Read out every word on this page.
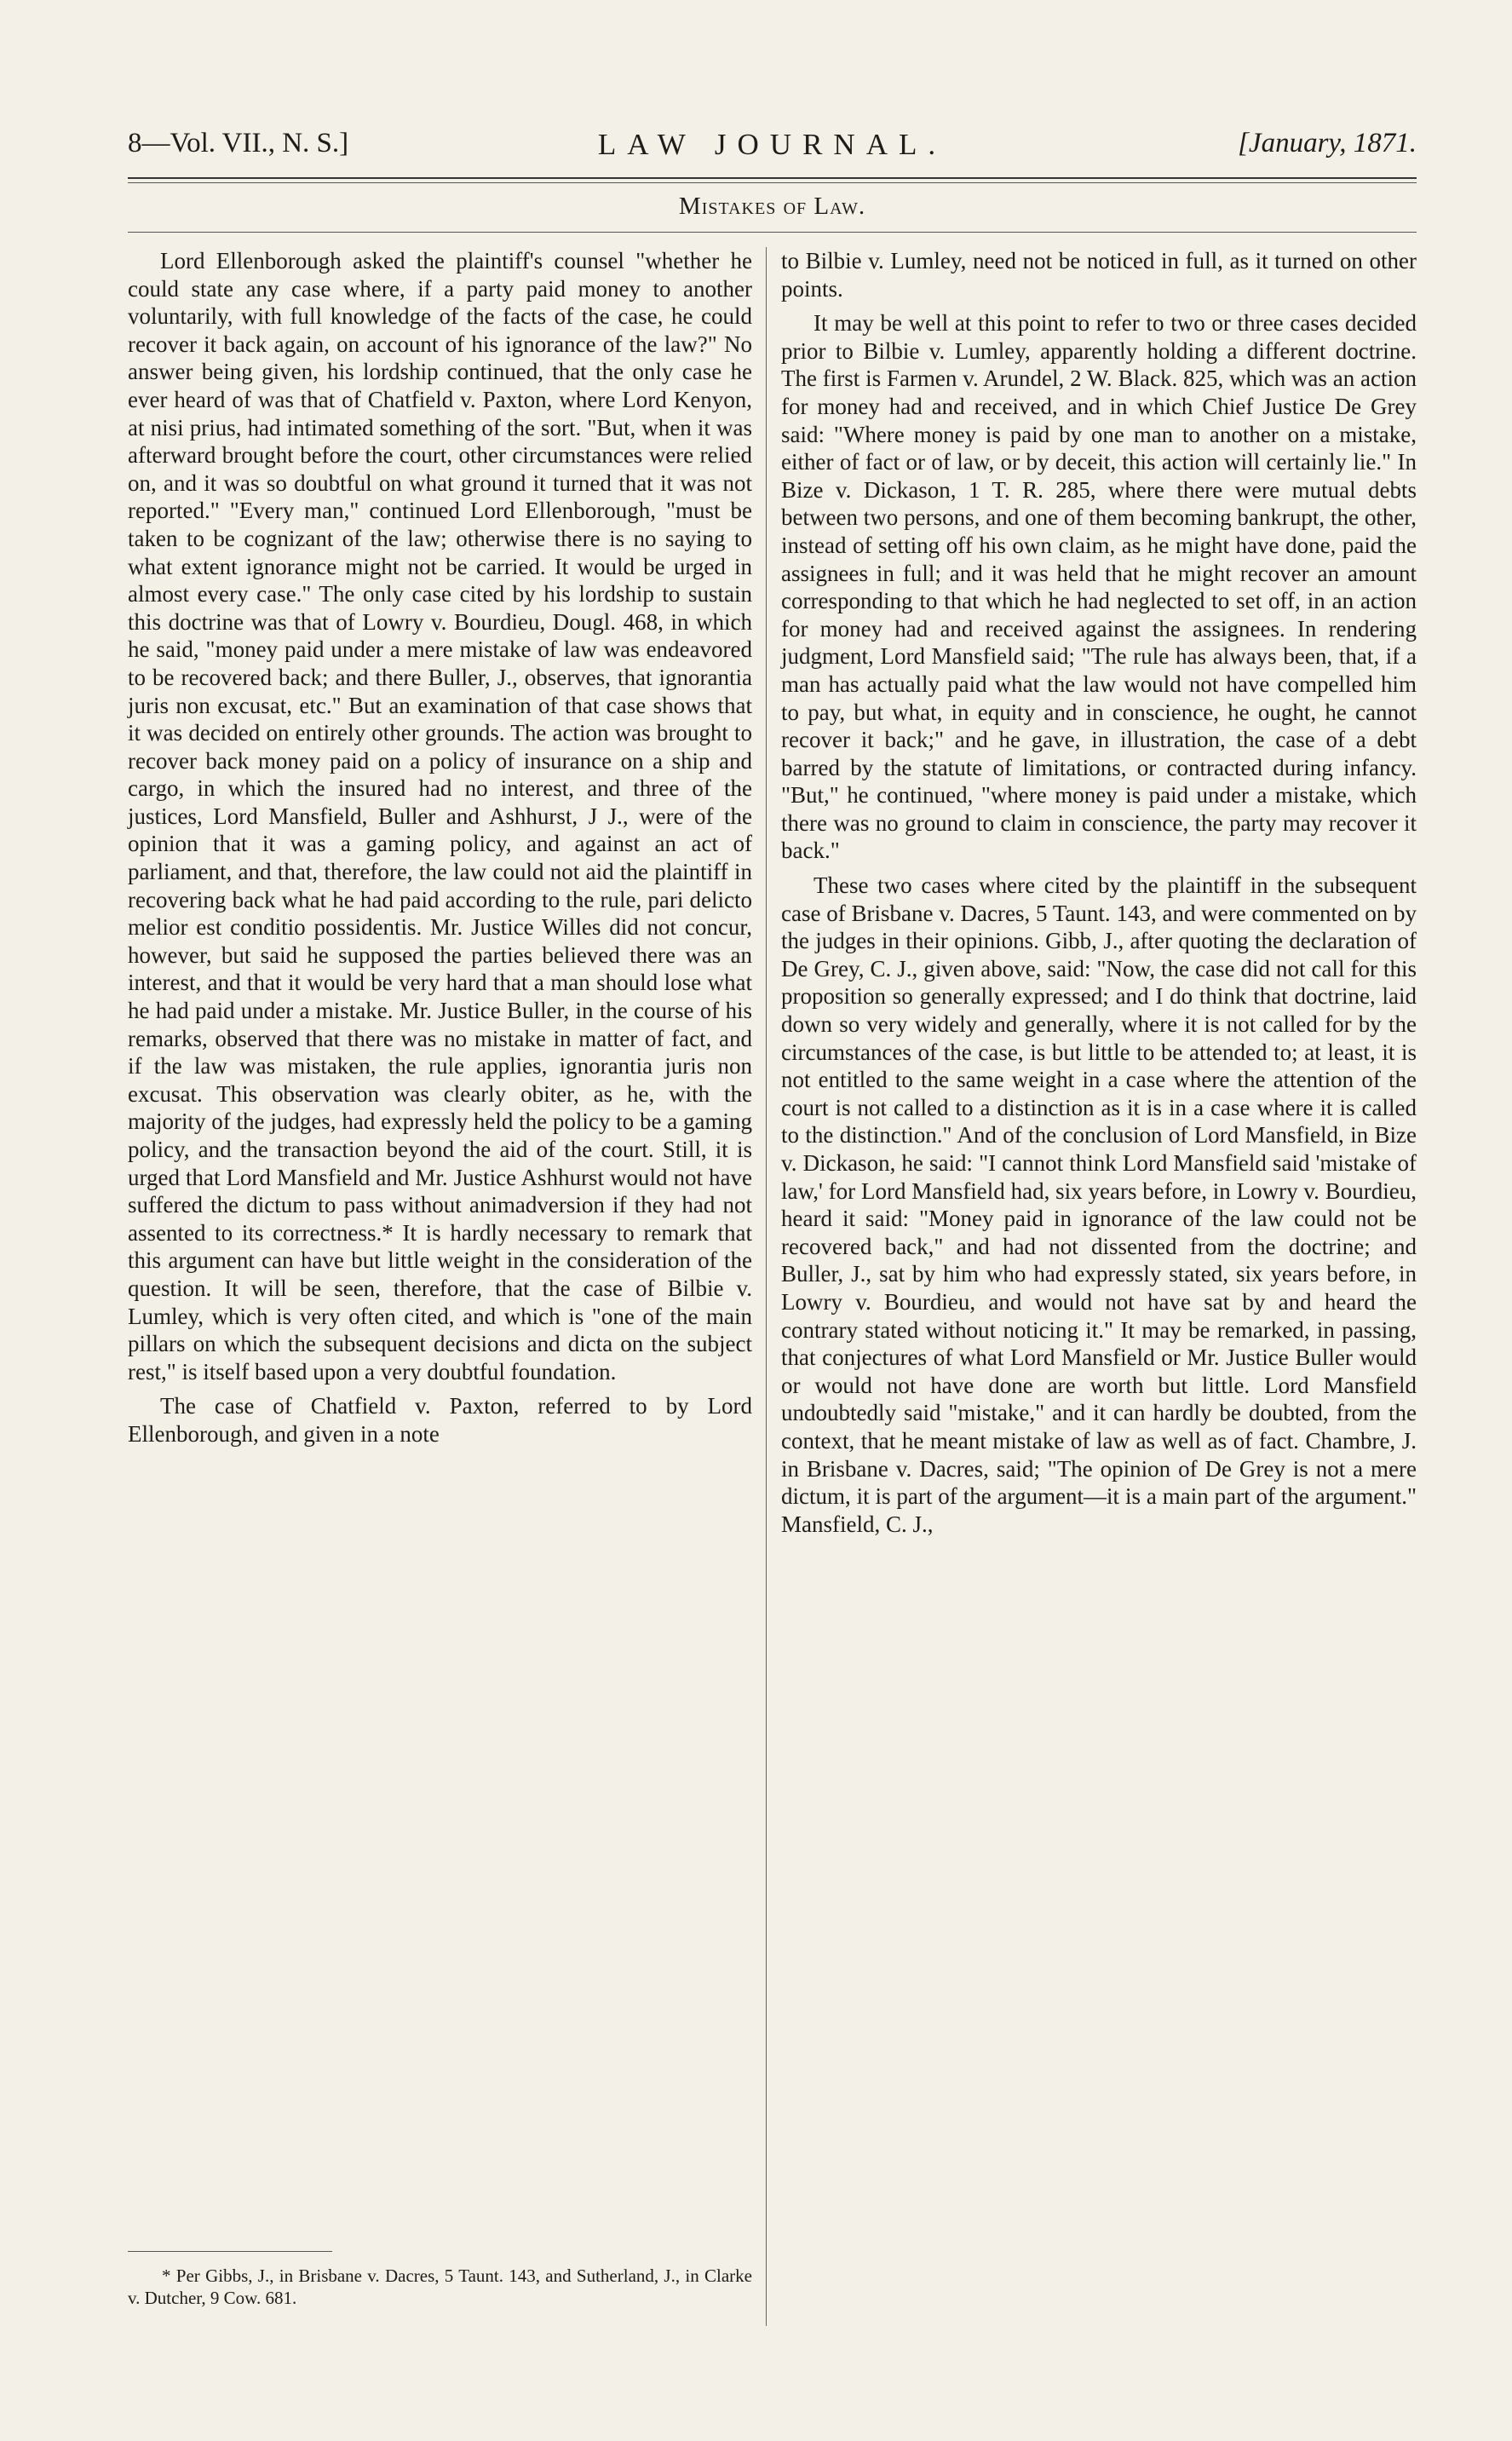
8—Vol. VII., N. S.]	LAW JOURNAL.	[January, 1871.
Mistakes of Law.

Lord Ellenborough asked the plaintiff's counsel "whether he could state any case where, if a party paid money to another voluntarily, with full knowledge of the facts of the case, he could recover it back again, on account of his ignorance of the law?" No answer being given, his lordship continued, that the only case he ever heard of was that of Chatfield v. Paxton, where Lord Kenyon, at nisi prius, had intimated something of the sort. "But, when it was afterward brought before the court, other circumstances were relied on, and it was so doubtful on what ground it turned that it was not reported." "Every man," continued Lord Ellenborough, "must be taken to be cognizant of the law; otherwise there is no saying to what extent ignorance might not be carried. It would be urged in almost every case." The only case cited by his lordship to sustain this doctrine was that of Lowry v. Bourdieu, Dougl. 468, in which he said, "money paid under a mere mistake of law was endeavored to be recovered back; and there Buller, J., observes, that ignorantia juris non excusat, etc." But an examination of that case shows that it was decided on entirely other grounds. The action was brought to recover back money paid on a policy of insurance on a ship and cargo, in which the insured had no interest, and three of the justices, Lord Mansfield, Buller and Ashhurst, J J., were of the opinion that it was a gaming policy, and against an act of parliament, and that, therefore, the law could not aid the plaintiff in recovering back what he had paid according to the rule, pari delicto melior est conditio possidentis. Mr. Justice Willes did not concur, however, but said he supposed the parties believed there was an interest, and that it would be very hard that a man should lose what he had paid under a mistake. Mr. Justice Buller, in the course of his remarks, observed that there was no mistake in matter of fact, and if the law was mistaken, the rule applies, ignorantia juris non excusat. This observation was clearly obiter, as he, with the majority of the judges, had expressly held the policy to be a gaming policy, and the transaction beyond the aid of the court. Still, it is urged that Lord Mansfield and Mr. Justice Ashhurst would not have suffered the dictum to pass without animadversion if they had not assented to its correctness.* It is hardly necessary to remark that this argument can have but little weight in the consideration of the question. It will be seen, therefore, that the case of Bilbie v. Lumley, which is very often cited, and which is "one of the main pillars on which the subsequent decisions and dicta on the subject rest," is itself based upon a very doubtful foundation.

The case of Chatfield v. Paxton, referred to by Lord Ellenborough, and given in a note

to Bilbie v. Lumley, need not be noticed in full, as it turned on other points.

It may be well at this point to refer to two or three cases decided prior to Bilbie v. Lumley, apparently holding a different doctrine. The first is Farmen v. Arundel, 2 W. Black. 825, which was an action for money had and received, and in which Chief Justice De Grey said: "Where money is paid by one man to another on a mistake, either of fact or of law, or by deceit, this action will certainly lie." In Bize v. Dickason, 1 T. R. 285, where there were mutual debts between two persons, and one of them becoming bankrupt, the other, instead of setting off his own claim, as he might have done, paid the assignees in full; and it was held that he might recover an amount corresponding to that which he had neglected to set off, in an action for money had and received against the assignees. In rendering judgment, Lord Mansfield said; "The rule has always been, that, if a man has actually paid what the law would not have compelled him to pay, but what, in equity and in conscience, he ought, he cannot recover it back;" and he gave, in illustration, the case of a debt barred by the statute of limitations, or contracted during infancy. "But," he continued, "where money is paid under a mistake, which there was no ground to claim in conscience, the party may recover it back."

These two cases where cited by the plaintiff in the subsequent case of Brisbane v. Dacres, 5 Taunt. 143, and were commented on by the judges in their opinions. Gibb, J., after quoting the declaration of De Grey, C. J., given above, said: "Now, the case did not call for this proposition so generally expressed; and I do think that doctrine, laid down so very widely and generally, where it is not called for by the circumstances of the case, is but little to be attended to; at least, it is not entitled to the same weight in a case where the attention of the court is not called to a distinction as it is in a case where it is called to the distinction." And of the conclusion of Lord Mansfield, in Bize v. Dickason, he said: "I cannot think Lord Mansfield said 'mistake of law,' for Lord Mansfield had, six years before, in Lowry v. Bourdieu, heard it said: "Money paid in ignorance of the law could not be recovered back," and had not dissented from the doctrine; and Buller, J., sat by him who had expressly stated, six years before, in Lowry v. Bourdieu, and would not have sat by and heard the contrary stated without noticing it." It may be remarked, in passing, that conjectures of what Lord Mansfield or Mr. Justice Buller would or would not have done are worth but little. Lord Mansfield undoubtedly said "mistake," and it can hardly be doubted, from the context, that he meant mistake of law as well as of fact. Chambre, J. in Brisbane v. Dacres, said; "The opinion of De Grey is not a mere dictum, it is part of the argument—it is a main part of the argument." Mansfield, C. J.,

* Per Gibbs, J., in Brisbane v. Dacres, 5 Taunt. 143, and Sutherland, J., in Clarke v. Dutcher, 9 Cow. 681.
